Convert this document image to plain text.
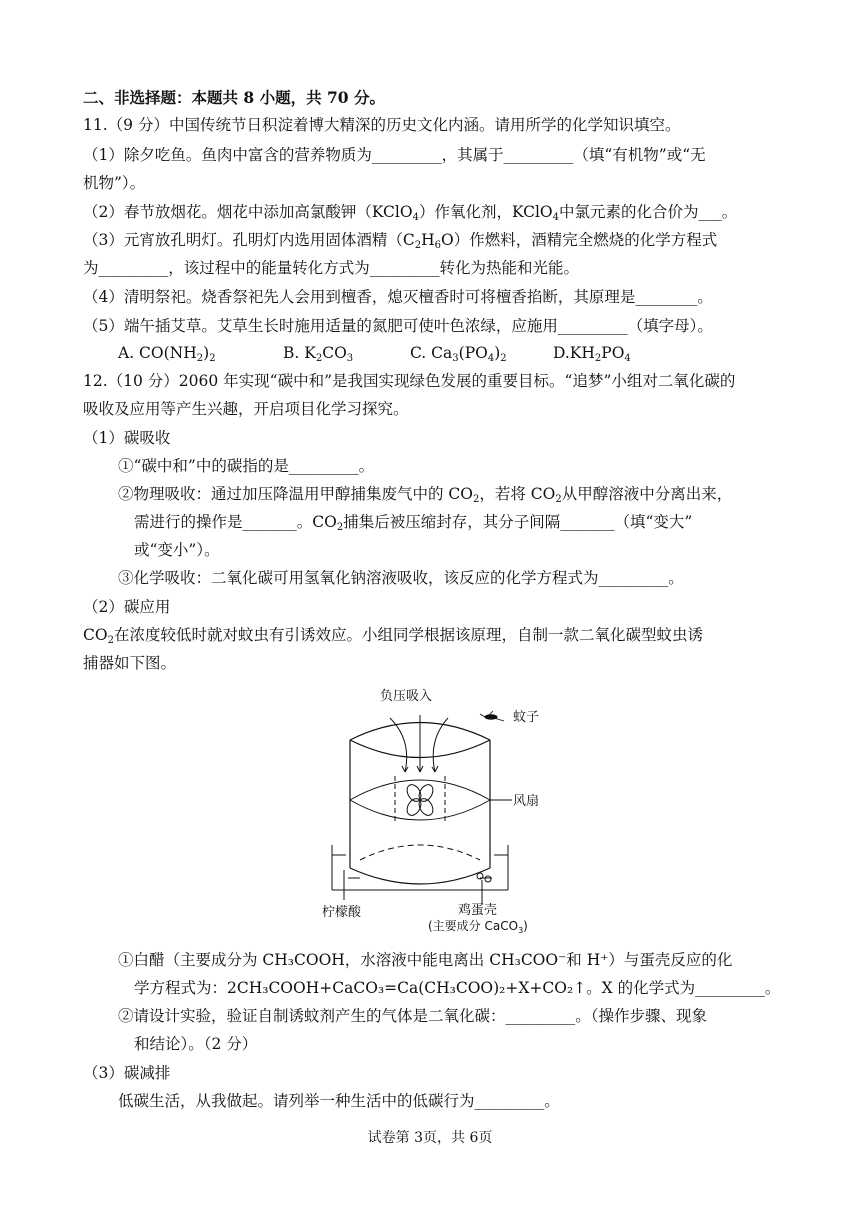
二、非选择题：本题共 8 小题，共 70 分。
11.（9 分）中国传统节日积淀着博大精深的历史文化内涵。请用所学的化学知识填空。
（1）除夕吃鱼。鱼肉中富含的营养物质为_________，其属于_________（填“有机物”或“无
机物”）。
（2）春节放烟花。烟花中添加高氯酸钾（KClO$_4$）作氧化剂，KClO$_4$中氯元素的化合价为___。
（3）元宵放孔明灯。孔明灯内选用固体酒精$(C_2H_6O)$作燃料，酒精完全燃烧的化学方程式
为_________，该过程中的能量转化方式为_________转化为热能和光能。
（4）清明祭祀。烧香祭祀先人会用到檀香，熄灭檀香时可将檀香掐断，其原理是________。
（5）端午插艾草。艾草生长时施用适量的氮肥可使叶色浓绿，应施用_________（填字母）。
A. $CO(NH_2)_2$	B. $K_2CO_3$	C. $Ca_3(PO_4)_2$	$D.KH_2PO_4$
12.（10 分）2060 年实现“碳中和”是我国实现绿色发展的重要目标。“追梦”小组对二氧化碳的
吸收及应用等产生兴趣，开启项目化学习探究。
（1）碳吸收
①“碳中和”中的碳指的是_________。
②物理吸收：通过加压降温用甲醇捕集废气中的 $CO_2$，若将 $CO_2$从甲醇溶液中分离出来，
需进行的操作是_______。$CO_2$捕集后被压缩封存，其分子间隔_______（填“变大”
或“变小”）。
③化学吸收：二氧化碳可用氢氧化钠溶液吸收，该反应的化学方程式为_________。
（2）碳应用
$CO_2$在浓度较低时就对蚊虫有引诱效应。小组同学根据该原理，自制一款二氧化碳型蚊虫诱
捕器如下图。
负压吸入
蚊子
风扇
柠檬酸	鸡蛋壳
(主要成分 CaCO$_3$)
①白醋（主要成分为 CH₃COOH，水溶液中能电离出 CH₃COO⁻和 H⁺）与蛋壳反应的化
学方程式为：2CH₃COOH+CaCO₃=Ca(CH₃COO)₂+X+CO₂↑。X 的化学式为_________。
②请设计实验，验证自制诱蚊剂产生的气体是二氧化碳：_________。（操作步骤、现象
和结论）。（2 分）
（3）碳减排
低碳生活，从我做起。请列举一种生活中的低碳行为_________。
试卷第 3页，共 6页
